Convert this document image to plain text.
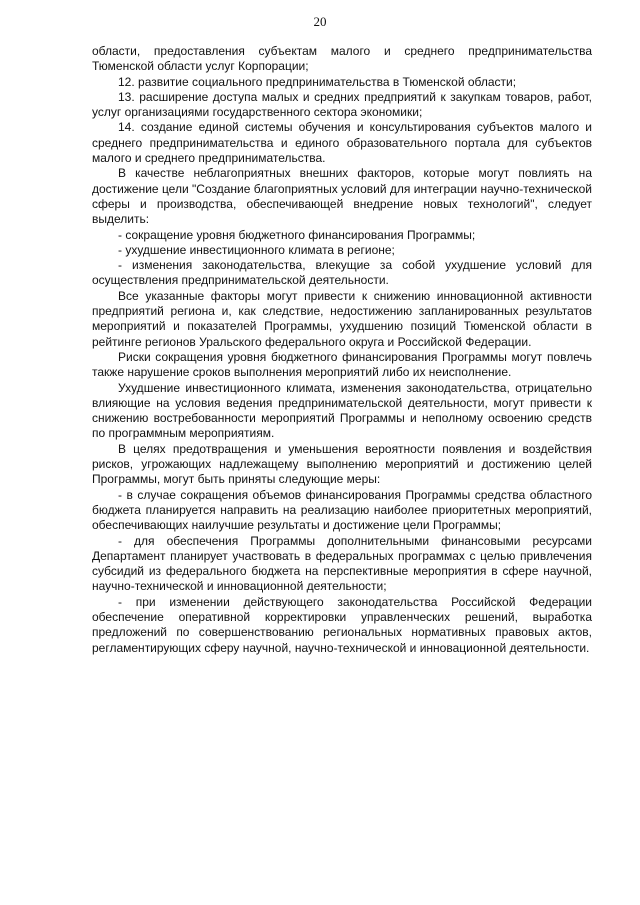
20

области, предоставления субъектам малого и среднего предпринимательства Тюменской области услуг Корпорации;

12. развитие социального предпринимательства в Тюменской области;

13. расширение доступа малых и средних предприятий к закупкам товаров, работ, услуг организациями государственного сектора экономики;

14. создание единой системы обучения и консультирования субъектов малого и среднего предпринимательства и единого образовательного портала для субъектов малого и среднего предпринимательства.

В качестве неблагоприятных внешних факторов, которые могут повлиять на достижение цели "Создание благоприятных условий для интеграции научно-технической сферы и производства, обеспечивающей внедрение новых технологий", следует выделить:

- сокращение уровня бюджетного финансирования Программы;

- ухудшение инвестиционного климата в регионе;

- изменения законодательства, влекущие за собой ухудшение условий для осуществления предпринимательской деятельности.

Все указанные факторы могут привести к снижению инновационной активности предприятий региона и, как следствие, недостижению запланированных результатов мероприятий и показателей Программы, ухудшению позиций Тюменской области в рейтинге регионов Уральского федерального округа и Российской Федерации.

Риски сокращения уровня бюджетного финансирования Программы могут повлечь также нарушение сроков выполнения мероприятий либо их неисполнение.

Ухудшение инвестиционного климата, изменения законодательства, отрицательно влияющие на условия ведения предпринимательской деятельности, могут привести к снижению востребованности мероприятий Программы и неполному освоению средств по программным мероприятиям.

В целях предотвращения и уменьшения вероятности появления и воздействия рисков, угрожающих надлежащему выполнению мероприятий и достижению целей Программы, могут быть приняты следующие меры:

- в случае сокращения объемов финансирования Программы средства областного бюджета планируется направить на реализацию наиболее приоритетных мероприятий, обеспечивающих наилучшие результаты и достижение цели Программы;

- для обеспечения Программы дополнительными финансовыми ресурсами Департамент планирует участвовать в федеральных программах с целью привлечения субсидий из федерального бюджета на перспективные мероприятия в сфере научной, научно-технической и инновационной деятельности;

- при изменении действующего законодательства Российской Федерации обеспечение оперативной корректировки управленческих решений, выработка предложений по совершенствованию региональных нормативных правовых актов, регламентирующих сферу научной, научно-технической и инновационной деятельности.
